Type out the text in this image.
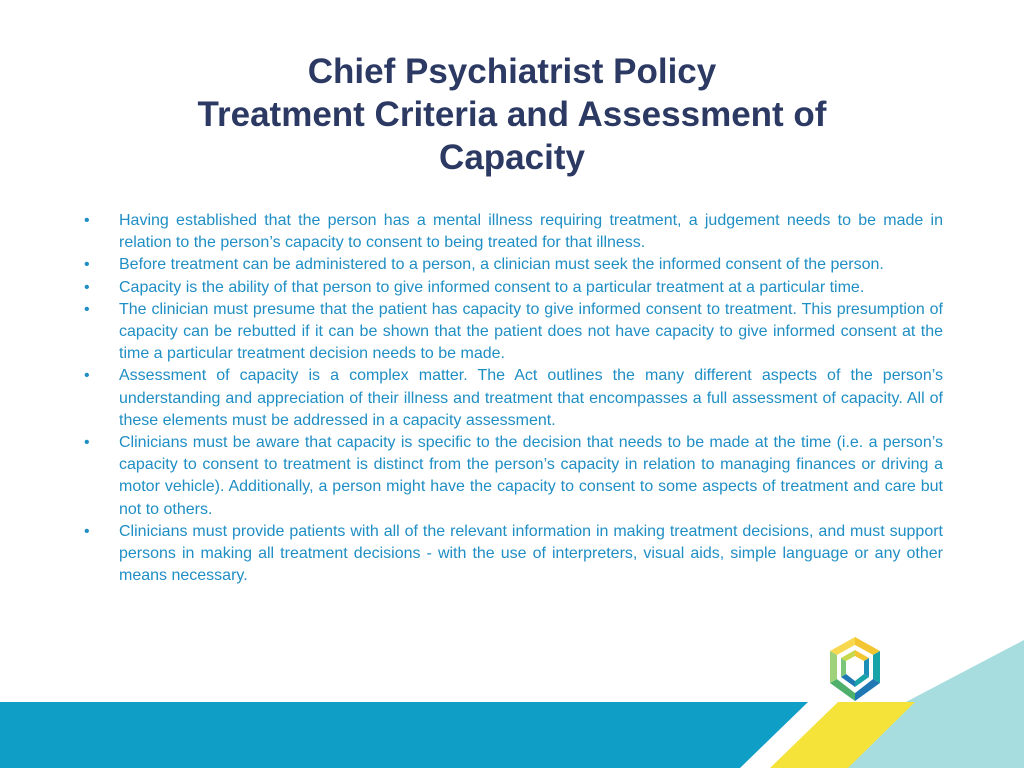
Chief Psychiatrist Policy
Treatment Criteria and Assessment of
Capacity
• Having established that the person has a mental illness requiring treatment, a judgement needs to be made in relation to the person’s capacity to consent to being treated for that illness.
• Before treatment can be administered to a person, a clinician must seek the informed consent of the person.
• Capacity is the ability of that person to give informed consent to a particular treatment at a particular time.
• The clinician must presume that the patient has capacity to give informed consent to treatment. This presumption of capacity can be rebutted if it can be shown that the patient does not have capacity to give informed consent at the time a particular treatment decision needs to be made.
• Assessment of capacity is a complex matter. The Act outlines the many different aspects of the person’s understanding and appreciation of their illness and treatment that encompasses a full assessment of capacity. All of these elements must be addressed in a capacity assessment.
• Clinicians must be aware that capacity is specific to the decision that needs to be made at the time (i.e. a person’s capacity to consent to treatment is distinct from the person’s capacity in relation to managing finances or driving a motor vehicle). Additionally, a person might have the capacity to consent to some aspects of treatment and care but not to others.
• Clinicians must provide patients with all of the relevant information in making treatment decisions, and must support persons in making all treatment decisions - with the use of interpreters, visual aids, simple language or any other means necessary.
